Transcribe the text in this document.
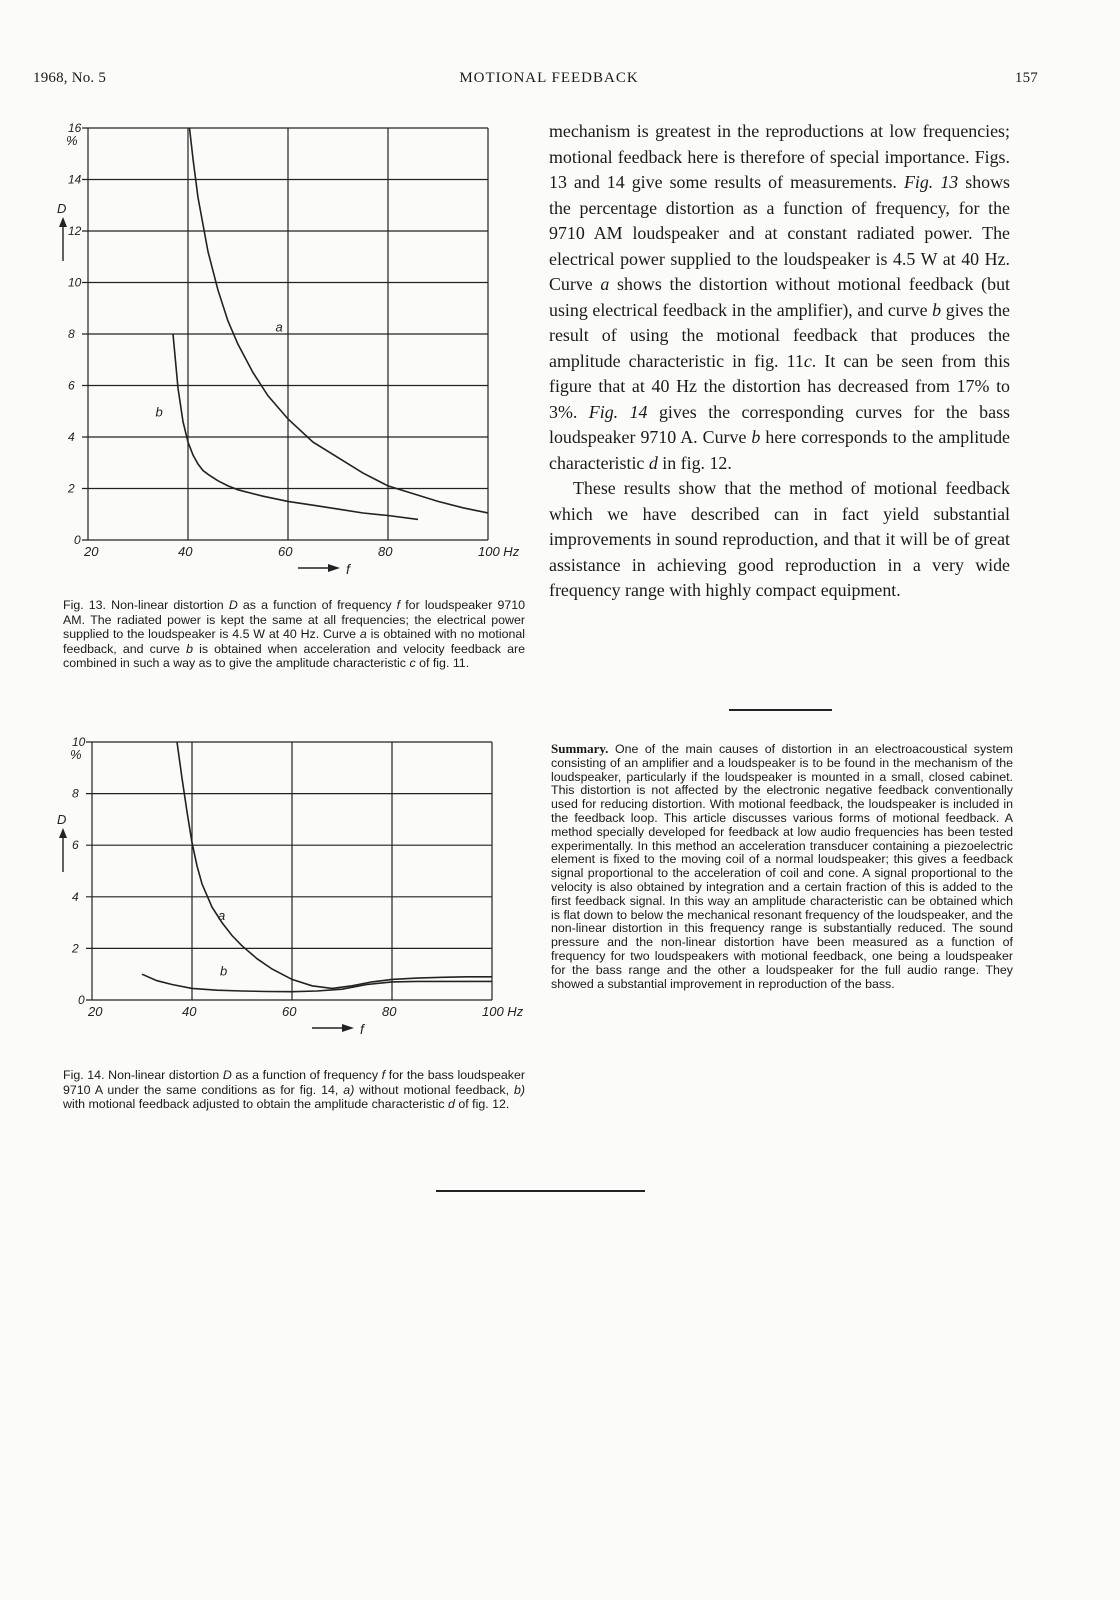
1968, No. 5	MOTIONAL FEEDBACK	157
20	40	60	80	100 Hz
2
4
6
8
10
12
14
16
0
%
D
f
a
b

Fig. 13. Non-linear distortion D as a function of frequency f for loudspeaker 9710 AM. The radiated power is kept the same at all frequencies; the electrical power supplied to the loudspeaker is 4.5 W at 40 Hz. Curve a is obtained with no motional feedback, and curve b is obtained when acceleration and velocity feedback are combined in such a way as to give the amplitude characteristic c of fig. 11.

20	40	60	80	100 Hz
2
4
6
8
10
0
%
D
f
a
b

Fig. 14. Non-linear distortion D as a function of frequency f for the bass loudspeaker 9710 A under the same conditions as for fig. 14, a) without motional feedback, b) with motional feedback adjusted to obtain the amplitude characteristic d of fig. 12.

mechanism is greatest in the reproductions at low frequencies; motional feedback here is therefore of special importance. Figs. 13 and 14 give some results of measurements. Fig. 13 shows the percentage distortion as a function of frequency, for the 9710 AM loudspeaker and at constant radiated power. The electrical power supplied to the loudspeaker is 4.5 W at 40 Hz. Curve a shows the distortion without motional feedback (but using electrical feedback in the amplifier), and curve b gives the result of using the motional feedback that produces the amplitude characteristic in fig. 11c. It can be seen from this figure that at 40 Hz the distortion has decreased from 17% to 3%. Fig. 14 gives the corresponding curves for the bass loudspeaker 9710 A. Curve b here corresponds to the amplitude characteristic d in fig. 12.

These results show that the method of motional feedback which we have described can in fact yield substantial improvements in sound reproduction, and that it will be of great assistance in achieving good reproduction in a very wide frequency range with highly compact equipment.

Summary. One of the main causes of distortion in an electroacoustical system consisting of an amplifier and a loudspeaker is to be found in the mechanism of the loudspeaker, particularly if the loudspeaker is mounted in a small, closed cabinet. This distortion is not affected by the electronic negative feedback conventionally used for reducing distortion. With motional feedback, the loudspeaker is included in the feedback loop. This article discusses various forms of motional feedback. A method specially developed for feedback at low audio frequencies has been tested experimentally. In this method an acceleration transducer containing a piezoelectric element is fixed to the moving coil of a normal loudspeaker; this gives a feedback signal proportional to the acceleration of coil and cone. A signal proportional to the velocity is also obtained by integration and a certain fraction of this is added to the first feedback signal. In this way an amplitude characteristic can be obtained which is flat down to below the mechanical resonant frequency of the loudspeaker, and the non-linear distortion in this frequency range is substantially reduced. The sound pressure and the non-linear distortion have been measured as a function of frequency for two loudspeakers with motional feedback, one being a loudspeaker for the bass range and the other a loudspeaker for the full audio range. They showed a substantial improvement in reproduction of the bass.
